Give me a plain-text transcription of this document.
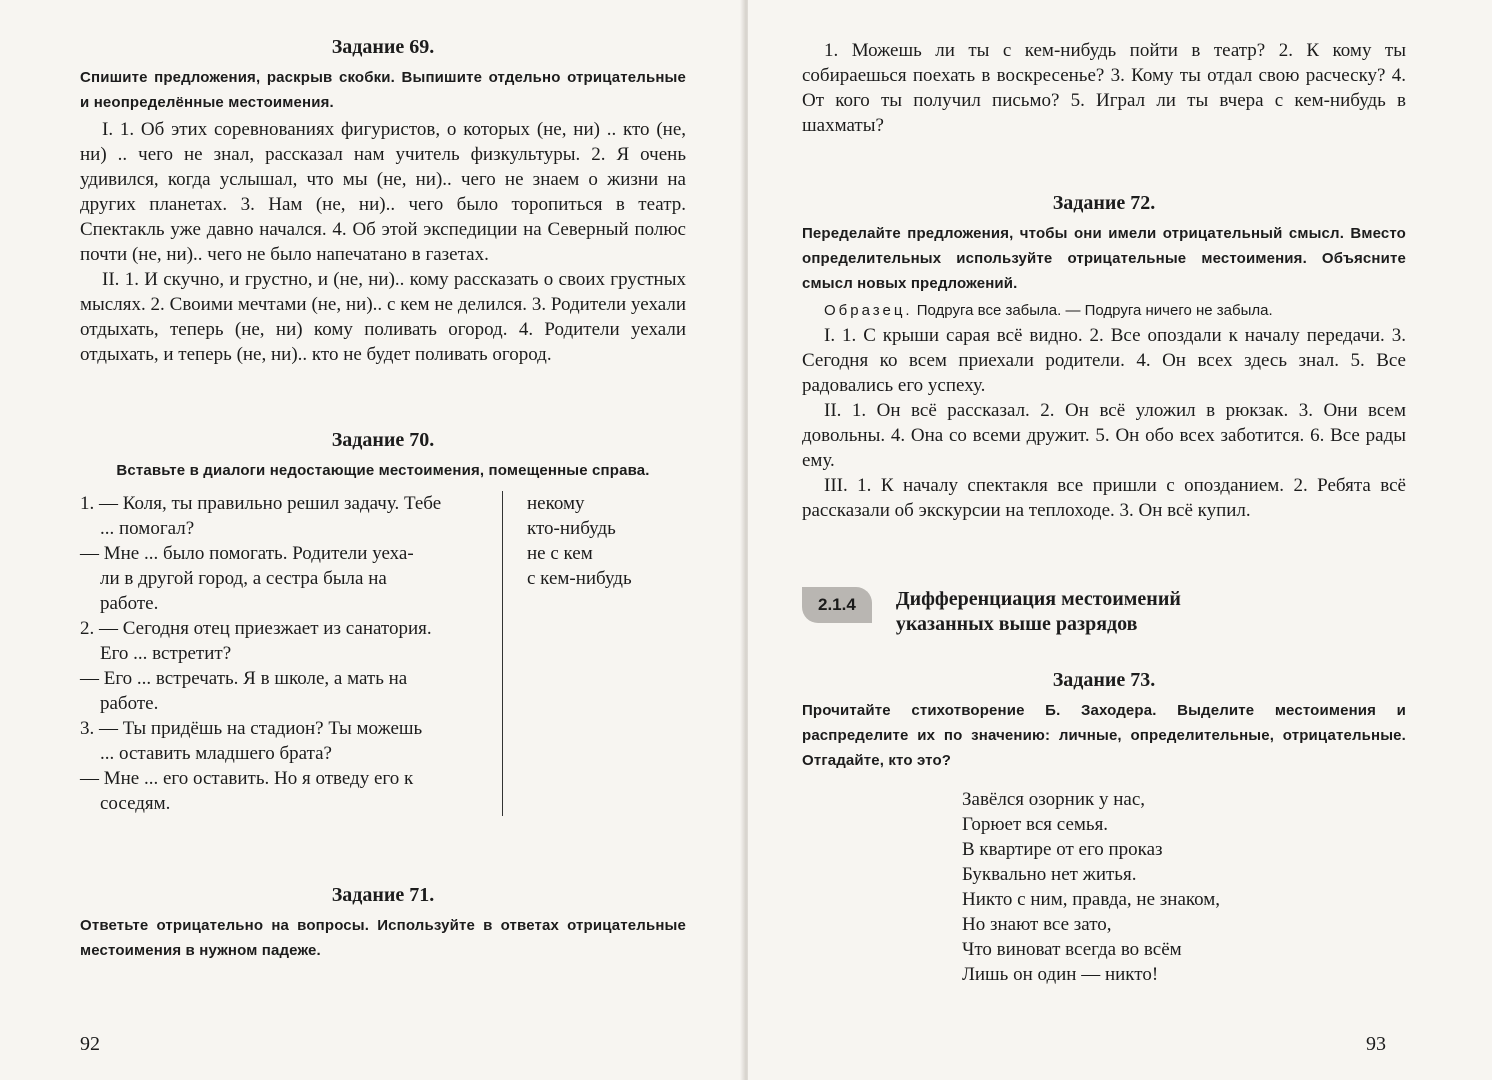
Задание 69.

Спишите предложения, раскрыв скобки. Выпишите отдельно отрицательные и неопределённые местоимения.

I. 1. Об этих соревнованиях фигуристов, о которых (не, ни) .. кто (не, ни) .. чего не знал, рассказал нам учитель физкультуры. 2. Я очень удивился, когда услышал, что мы (не, ни).. чего не знаем о жизни на других планетах. 3. Нам (не, ни).. чего было торопиться в театр. Спектакль уже давно начался. 4. Об этой экспедиции на Северный полюс почти (не, ни).. чего не было напечатано в газетах.

II. 1. И скучно, и грустно, и (не, ни).. кому рассказать о своих грустных мыслях. 2. Своими мечтами (не, ни).. с кем не делился. 3. Родители уехали отдыхать, теперь (не, ни) кому поливать огород. 4. Родители уехали отдыхать, и теперь (не, ни).. кто не будет поливать огород.

Задание 70.

Вставьте в диалоги недостающие местоимения, помещенные справа.

1. — Коля, ты правильно решил задачу. Тебе

... помогал?

— Мне ... было помогать. Родители уеха-

ли в другой город, а сестра была на

работе.

2. — Сегодня отец приезжает из санатория.

Его ... встретит?

— Его ... встречать. Я в школе, а мать на

работе.

3. — Ты придёшь на стадион? Ты можешь

... оставить младшего брата?

— Мне ... его оставить. Но я отведу его к

соседям.

некому
кто-нибудь
не с кем
с кем-нибудь
Задание 71.

Ответьте отрицательно на вопросы. Используйте в ответах отрицательные местоимения в нужном падеже.

92

1. Можешь ли ты с кем-нибудь пойти в театр? 2. К кому ты собираешься поехать в воскресенье? 3. Кому ты отдал свою расческу? 4. От кого ты получил письмо? 5. Играл ли ты вчера с кем-нибудь в шахматы?

Задание 72.

Переделайте предложения, чтобы они имели отрицательный смысл. Вместо определительных используйте отрицательные местоимения. Объясните смысл новых предложений.

Образец. Подруга все забыла. — Подруга ничего не забыла.

I. 1. С крыши сарая всё видно. 2. Все опоздали к началу передачи. 3. Сегодня ко всем приехали родители. 4. Он всех здесь знал. 5. Все радовались его успеху.

II. 1. Он всё рассказал. 2. Он всё уложил в рюкзак. 3. Они всем довольны. 4. Она со всеми дружит. 5. Он обо всех заботится. 6. Все рады ему.

III. 1. К началу спектакля все пришли с опозданием. 2. Ребята всё рассказали об экскурсии на теплоходе. 3. Он всё купил.

2.1.4	Дифференциация местоимений
указанных выше разрядов
Задание 73.

Прочитайте стихотворение Б. Заходера. Выделите местоимения и распределите их по значению: личные, определительные, отрицательные. Отгадайте, кто это?

Завёлся озорник у нас,

Горюет вся семья.

В квартире от его проказ

Буквально нет житья.

Никто с ним, правда, не знаком,

Но знают все зато,

Что виноват всегда во всём

Лишь он один — никто!

93
